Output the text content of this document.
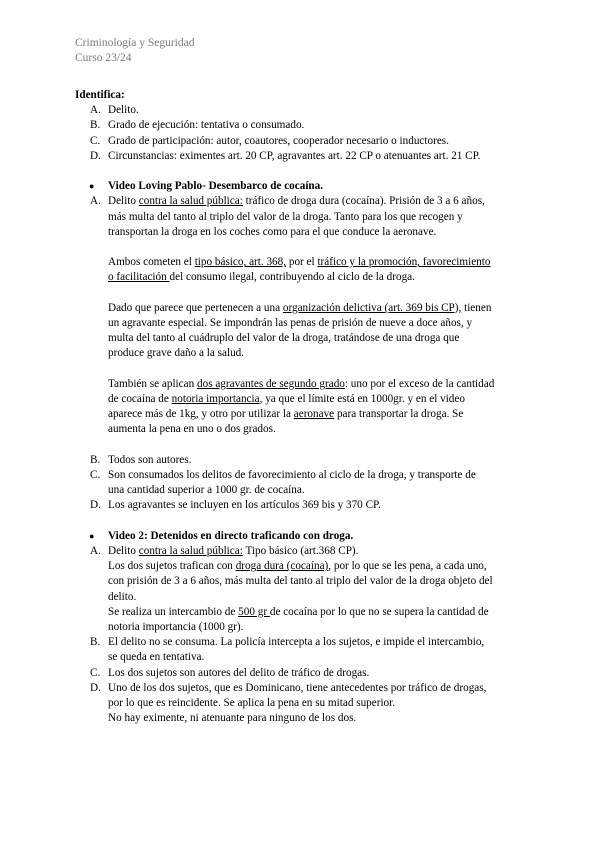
Criminología y Seguridad
Curso 23/24
Identifica:
A. Delito.
B. Grado de ejecución: tentativa o consumado.
C. Grado de participación: autor, coautores, cooperador necesario o inductores.
D. Circunstancias: eximentes art. 20 CP, agravantes art. 22 CP o atenuantes art. 21 CP.
● Video Loving Pablo- Desembarco de cocaína.
A. Delito contra la salud pública: tráfico de droga dura (cocaína). Prisión de 3 a 6 años,
más multa del tanto al triplo del valor de la droga. Tanto para los que recogen y
transportan la droga en los coches como para el que conduce la aeronave.
Ambos cometen el tipo básico, art. 368, por el tráfico y la promoción, favorecimiento
o facilitación del consumo ilegal, contribuyendo al ciclo de la droga.
Dado que parece que pertenecen a una organización delictiva (art. 369 bis CP), tienen
un agravante especial. Se impondrán las penas de prisión de nueve a doce años, y
multa del tanto al cuádruplo del valor de la droga, tratándose de una droga que
produce grave daño a la salud.
También se aplican dos agravantes de segundo grado: uno por el exceso de la cantidad
de cocaína de notoria importancia, ya que el límite está en 1000gr. y en el video
aparece más de 1kg, y otro por utilizar la aeronave para transportar la droga. Se
aumenta la pena en uno o dos grados.
B. Todos son autores.
C. Son consumados los delitos de favorecimiento al ciclo de la droga, y transporte de
una cantidad superior a 1000 gr. de cocaína.
D. Los agravantes se incluyen en los artículos 369 bis y 370 CP.
● Video 2: Detenidos en directo traficando con droga.
A. Delito contra la salud pública: Tipo básico (art.368 CP).
Los dos sujetos trafican con droga dura (cocaína), por lo que se les pena, a cada uno,
con prisión de 3 a 6 años, más multa del tanto al triplo del valor de la droga objeto del
delito.
Se realiza un intercambio de 500 gr de cocaína por lo que no se supera la cantidad de
notoria importancia (1000 gr).
B. El delito no se consuma. La policía intercepta a los sujetos, e impide el intercambio,
se queda en tentativa.
C. Los dos sujetos son autores del delito de tráfico de drogas.
D. Uno de los dos sujetos, que es Dominicano, tiene antecedentes por tráfico de drogas,
por lo que es reincidente. Se aplica la pena en su mitad superior.
No hay eximente, ni atenuante para ninguno de los dos.
